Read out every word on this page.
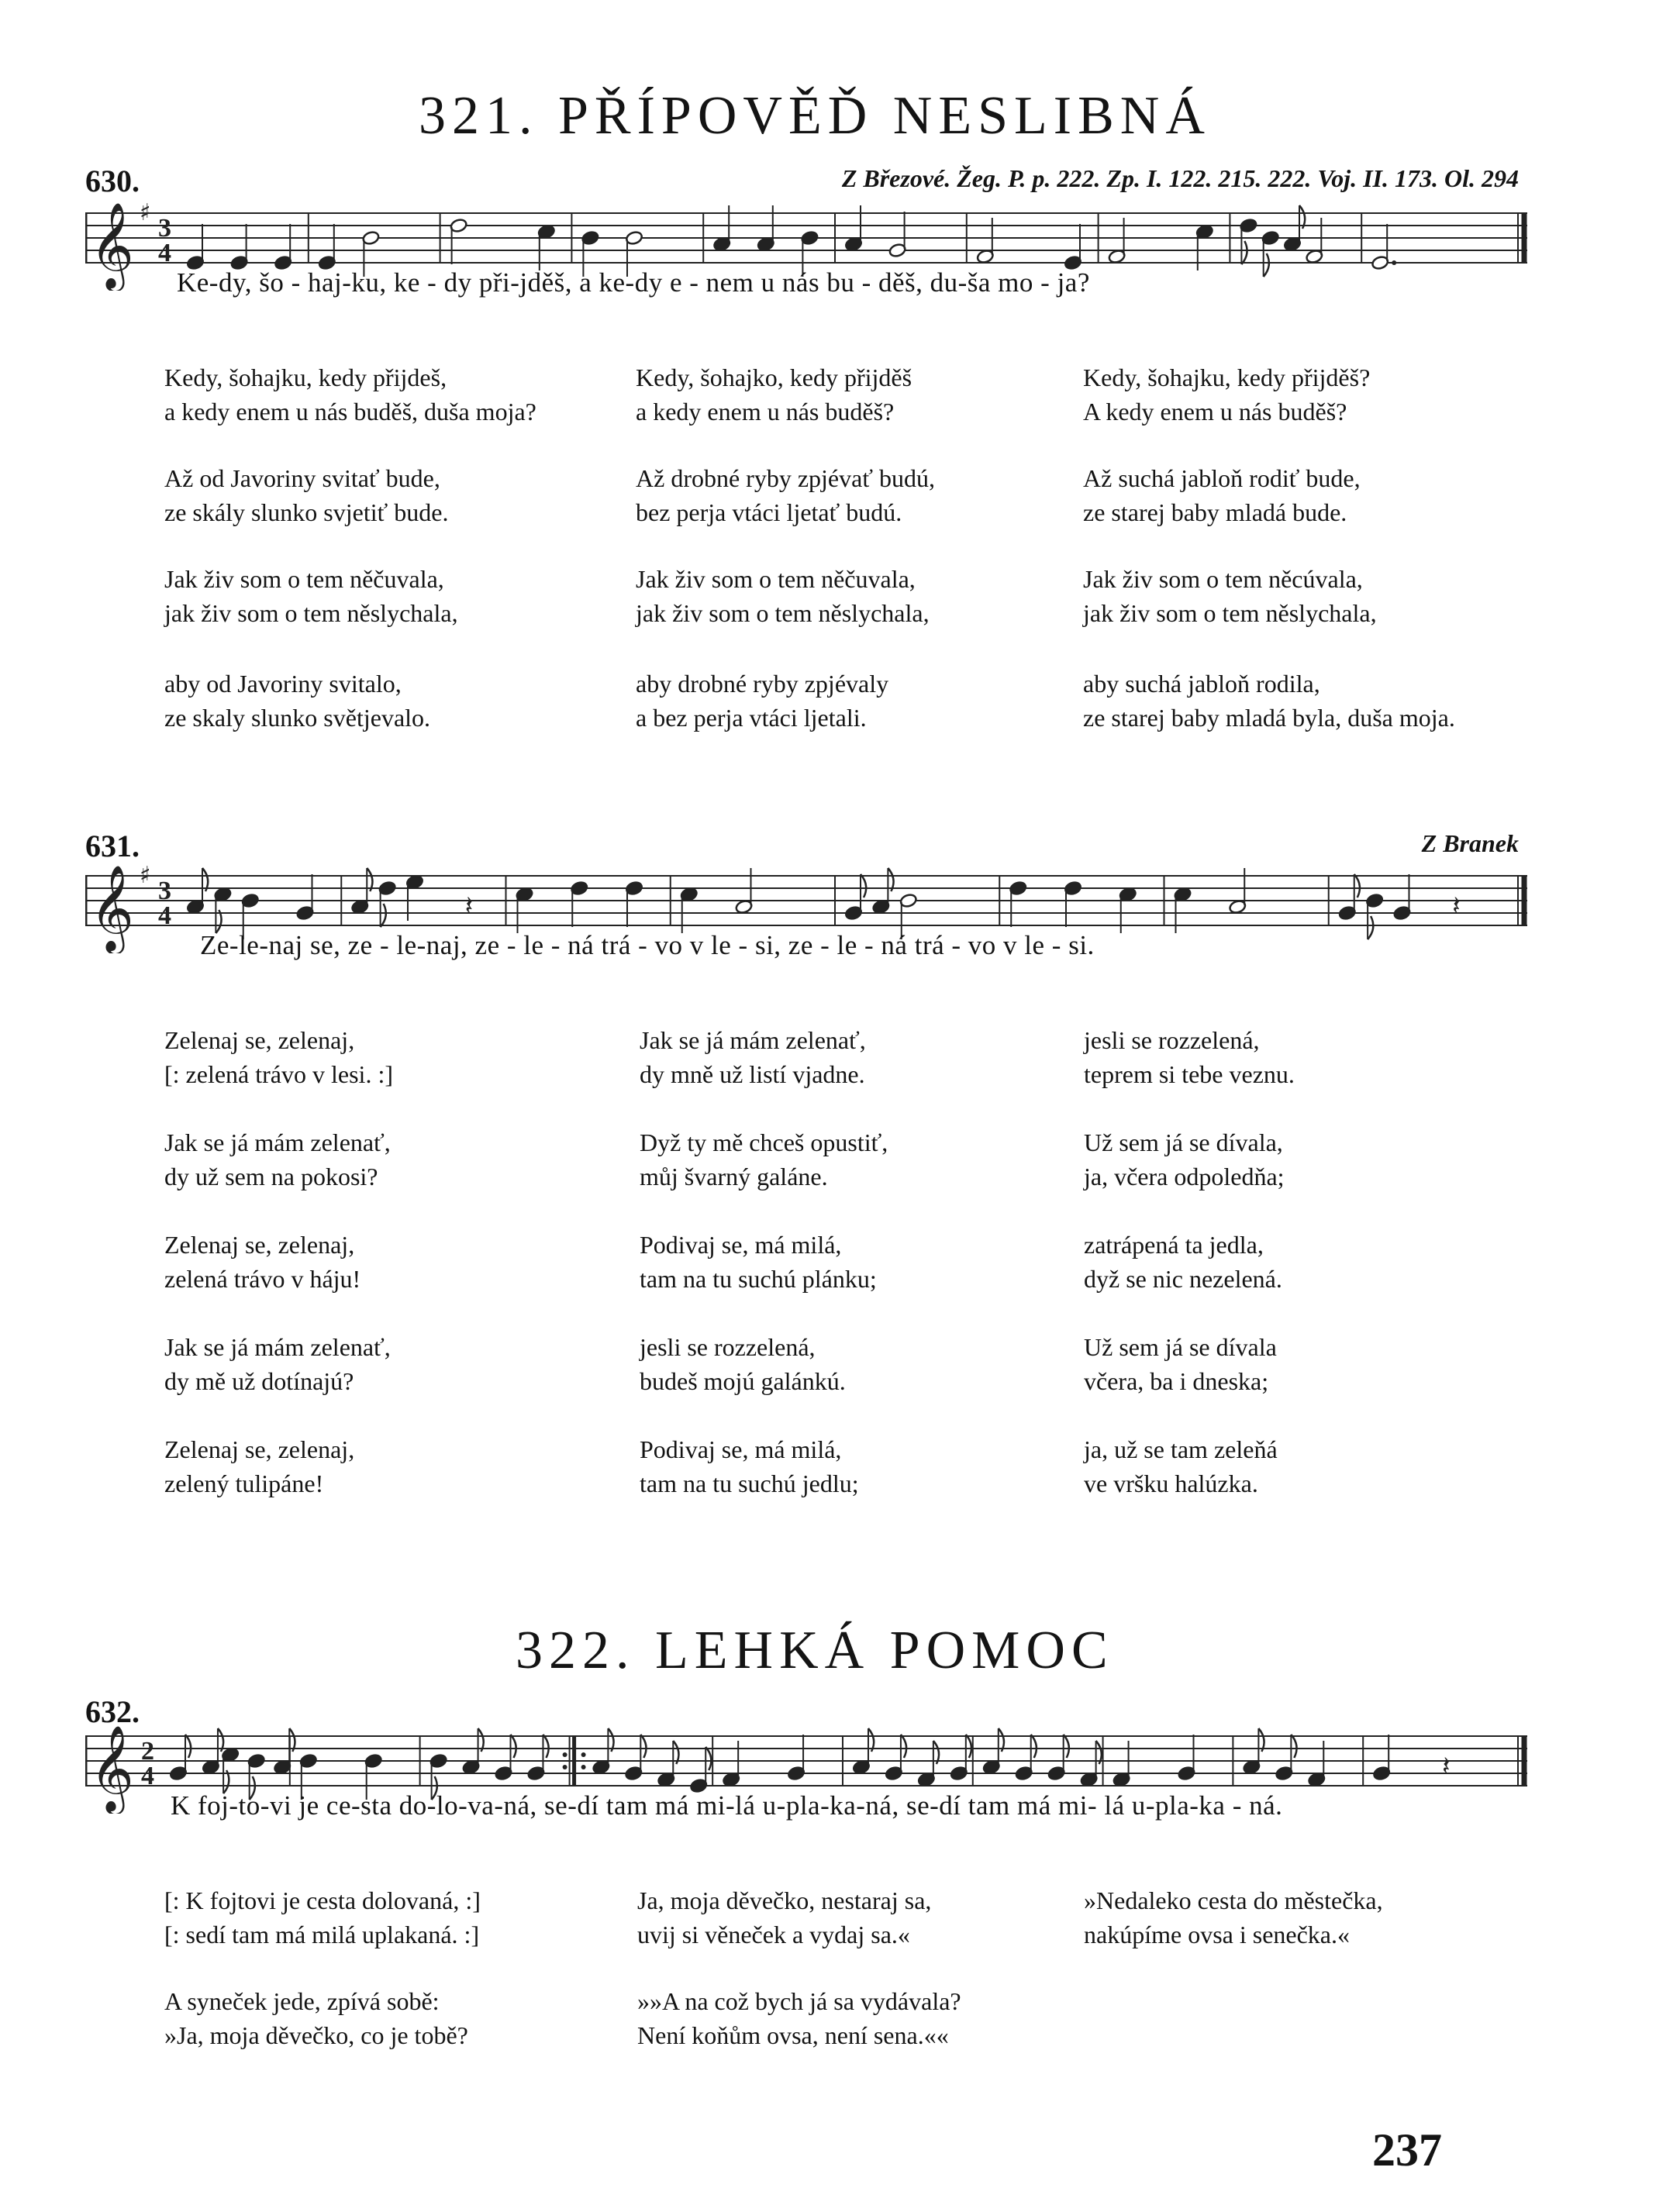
321. PŘÍPOVĚĎ NESLIBNÁ
630.	Z Březové. Žeg. P. p. 222. Zp. I. 122. 215. 222. Voj. II. 173. Ol. 294
𝄞 ♯
3
4
Ke-dy, šo - haj-ku, ke - dy při-jděš, a ke-dy e - nem u nás bu - děš, du-ša mo - ja?
Kedy, šohajku, kedy přijdeš,
a kedy enem u nás buděš, duša moja?
Kedy, šohajko, kedy přijděš
a kedy enem u nás buděš?
Kedy, šohajku, kedy přijděš?
A kedy enem u nás buděš?
Až od Javoriny svitať bude,
ze skály slunko svjetiť bude.
Až drobné ryby zpjévať budú,
bez perja vtáci ljetať budú.
Až suchá jabloň rodiť bude,
ze starej baby mladá bude.
Jak živ som o tem něčuvala,
jak živ som o tem něslychala,
Jak živ som o tem něčuvala,
jak živ som o tem něslychala,
Jak živ som o tem něcúvala,
jak živ som o tem něslychala,
aby od Javoriny svitalo,
ze skaly slunko světjevalo.
aby drobné ryby zpjévaly
a bez perja vtáci ljetali.
aby suchá jabloň rodila,
ze starej baby mladá byla, duša moja.
631.	Z Branek
𝄞 ♯
3
4	𝄽	𝄽
Ze-le-naj se, ze - le-naj, ze - le - ná trá - vo v le - si, ze - le - ná trá - vo v le - si.
Zelenaj se, zelenaj,
[: zelená trávo v lesi. :]
Jak se já mám zelenať,
dy mně už listí vjadne.
jesli se rozzelená,
teprem si tebe veznu.
Jak se já mám zelenať,
dy už sem na pokosi?
Dyž ty mě chceš opustiť,
můj švarný galáne.
Už sem já se dívala,
ja, včera odpoledňa;
Zelenaj se, zelenaj,
zelená trávo v háju!
Podivaj se, má milá,
tam na tu suchú plánku;
zatrápená ta jedla,
dyž se nic nezelená.
Jak se já mám zelenať,
dy mě už dotínajú?
jesli se rozzelená,
budeš mojú galánkú.
Už sem já se dívala
včera, ba i dneska;
Zelenaj se, zelenaj,
zelený tulipáne!
Podivaj se, má milá,
tam na tu suchú jedlu;
ja, už se tam zeleňá
ve vršku halúzka.
322. LEHKÁ POMOC
632.
𝄞 2
4	𝄽
K foj-to-vi je ce-sta do-lo-va-ná, se-dí tam má mi-lá u-pla-ka-ná, se-dí tam má mi- lá u-pla-ka - ná.
[: K fojtovi je cesta dolovaná, :]
[: sedí tam má milá uplakaná. :]
Ja, moja děvečko, nestaraj sa,
uvij si věneček a vydaj sa.«
»Nedaleko cesta do městečka,
nakúpíme ovsa i senečka.«
A syneček jede, zpívá sobě:
»Ja, moja děvečko, co je tobě?
»»A na což bych já sa vydávala?
Není koňům ovsa, není sena.««
237
